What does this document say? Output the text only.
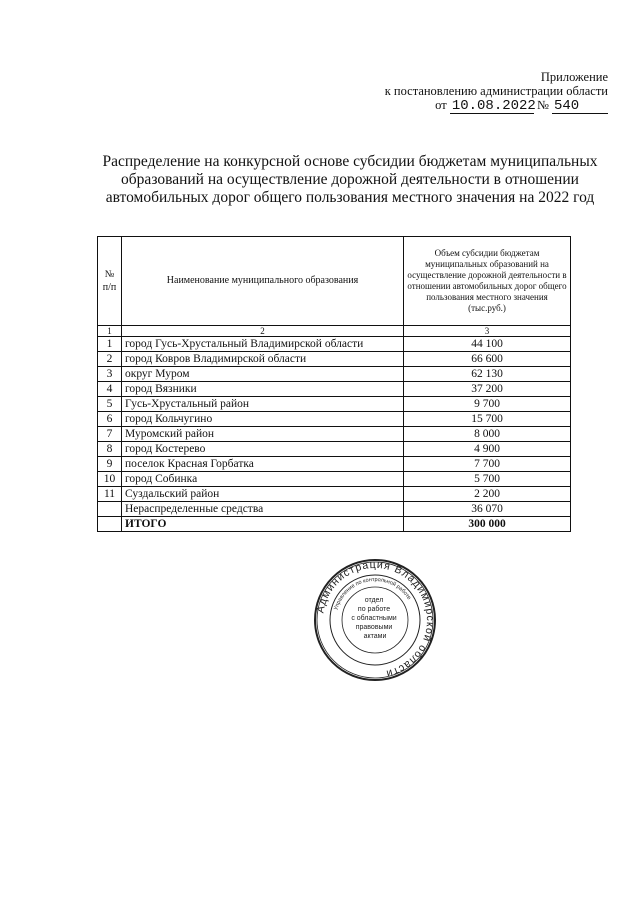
Приложение
к постановлению администрации области
от 10.08.2022 № 540
Распределение на конкурсной основе субсидии бюджетам муниципальных образований на осуществление дорожной деятельности в отношении автомобильных дорог общего пользования местного значения на 2022 год
№ п/п	Наименование муниципального образования	Объем субсидии бюджетам муниципальных образований на осуществление дорожной деятельности в отношении автомобильных дорог общего пользования местного значения (тыс.руб.)
1	2	3
1	город Гусь-Хрустальный Владимирской области	44 100
2	город Ковров Владимирской области	66 600
3	округ Муром	62 130
4	город Вязники	37 200
5	Гусь-Хрустальный район	9 700
6	город Кольчугино	15 700
7	Муромский район	8 000
8	город Костерево	4 900
9	поселок Красная Горбатка	7 700
10	город Собинка	5 700
11	Суздальский район	2 200
	Нераспределенные средства	36 070
	ИТОГО	300 000
Администрация Владимирской области
Управление по контрольной работе
отдел по работе с областными правовыми актами
